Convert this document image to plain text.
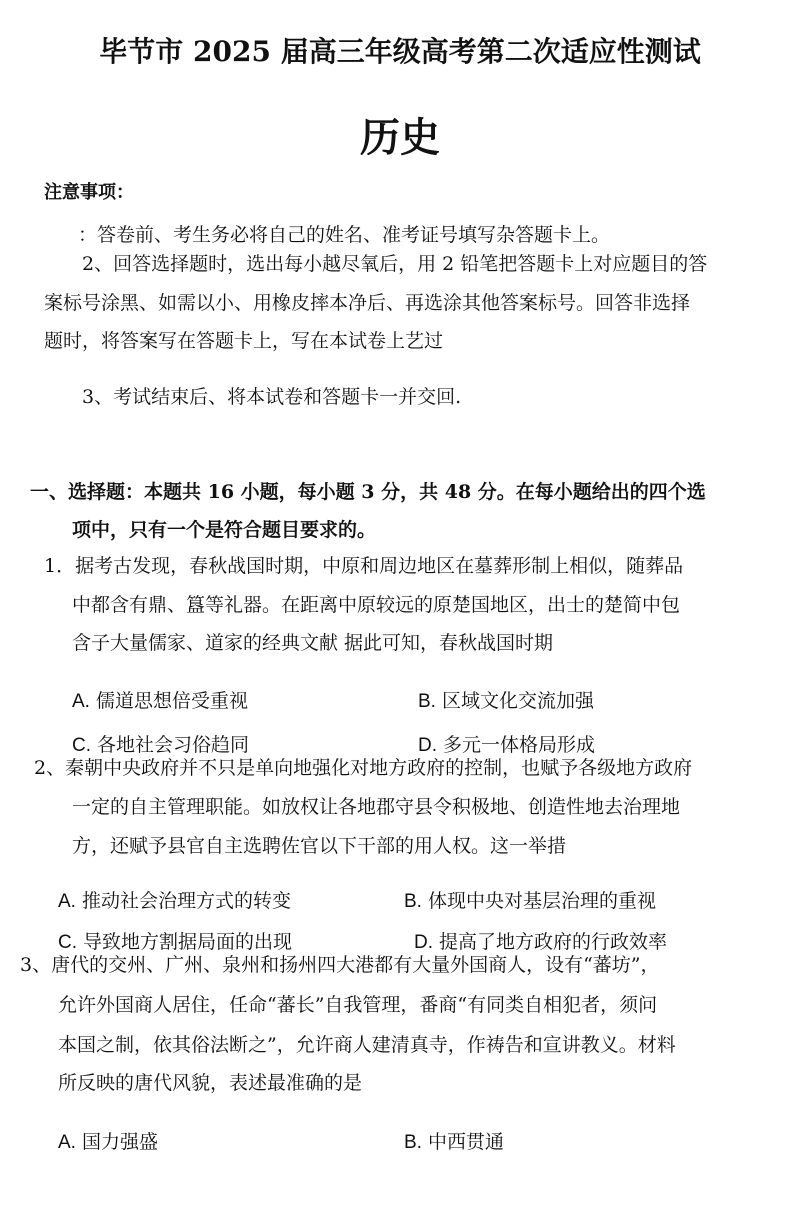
毕节市 2025 届高三年级高考第二次适应性测试
历史
注意事项：
：答卷前、考生务必将自己的姓名、准考证号填写杂答题卡上。
2、回答选择题时，选出每小越尽氧后，用 2 铅笔把答题卡上对应题目的答
案标号涂黑、如需以小、用橡皮摔本净后、再选涂其他答案标号。回答非选择
题时，将答案写在答题卡上，写在本试卷上艺过
3、考试结束后、将本试卷和答题卡一并交回.
一、选择题：本题共 16 小题，每小题 3 分，共 48 分。在每小题给出的四个选
项中，只有一个是符合题目要求的。
1．据考古发现，春秋战国时期，中原和周边地区在墓葬形制上相似，随葬品
中都含有鼎、簋等礼器。在距离中原较远的原楚国地区，出士的楚简中包
含子大量儒家、道家的经典文献 据此可知，春秋战国时期
A. 儒道思想倍受重视	B. 区域文化交流加强
C. 各地社会习俗趋同	D. 多元一体格局形成
2、秦朝中央政府并不只是单向地强化对地方政府的控制，也赋予各级地方政府
一定的自主管理职能。如放权让各地郡守县令积极地、创造性地去治理地
方，还赋予县官自主选聘佐官以下干部的用人权。这一举措
A. 推动社会治理方式的转变	B. 体现中央对基层治理的重视
C. 导致地方割据局面的出现	D. 提高了地方政府的行政效率
3、唐代的交州、广州、泉州和扬州四大港都有大量外国商人，设有“蕃坊”，
允许外国商人居住，任命“蕃长”自我管理，番商“有同类自相犯者，须问
本国之制，依其俗法断之”，允许商人建清真寺，作祷告和宣讲教义。材料
所反映的唐代风貌，表述最准确的是
A. 国力强盛	B. 中西贯通
